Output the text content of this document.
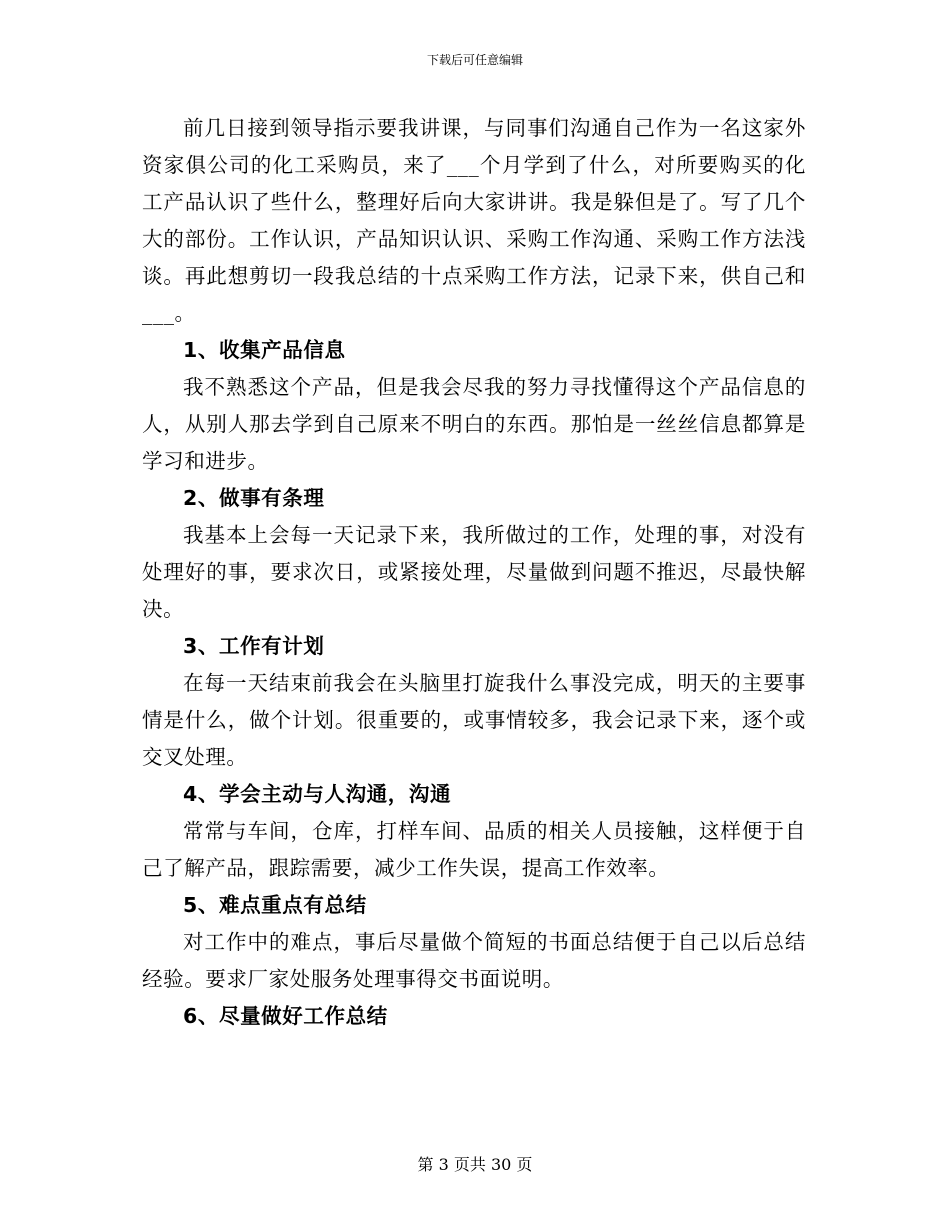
下载后可任意编辑

前几日接到领导指示要我讲课，与同事们沟通自己作为一名这家外资家俱公司的化工采购员，来了___个月学到了什么，对所要购买的化工产品认识了些什么，整理好后向大家讲讲。我是躲但是了。写了几个大的部份。工作认识，产品知识认识、采购工作沟通、采购工作方法浅谈。再此想剪切一段我总结的十点采购工作方法，记录下来，供自己和___。

1、收集产品信息

我不熟悉这个产品，但是我会尽我的努力寻找懂得这个产品信息的人，从别人那去学到自己原来不明白的东西。那怕是一丝丝信息都算是学习和进步。

2、做事有条理

我基本上会每一天记录下来，我所做过的工作，处理的事，对没有处理好的事，要求次日，或紧接处理，尽量做到问题不推迟，尽最快解决。

3、工作有计划

在每一天结束前我会在头脑里打旋我什么事没完成，明天的主要事情是什么，做个计划。很重要的，或事情较多，我会记录下来，逐个或交叉处理。

4、学会主动与人沟通，沟通

常常与车间，仓库，打样车间、品质的相关人员接触，这样便于自己了解产品，跟踪需要，减少工作失误，提高工作效率。

5、难点重点有总结

对工作中的难点，事后尽量做个简短的书面总结便于自己以后总结经验。要求厂家处服务处理事得交书面说明。

6、尽量做好工作总结

第 3 页共 30 页
